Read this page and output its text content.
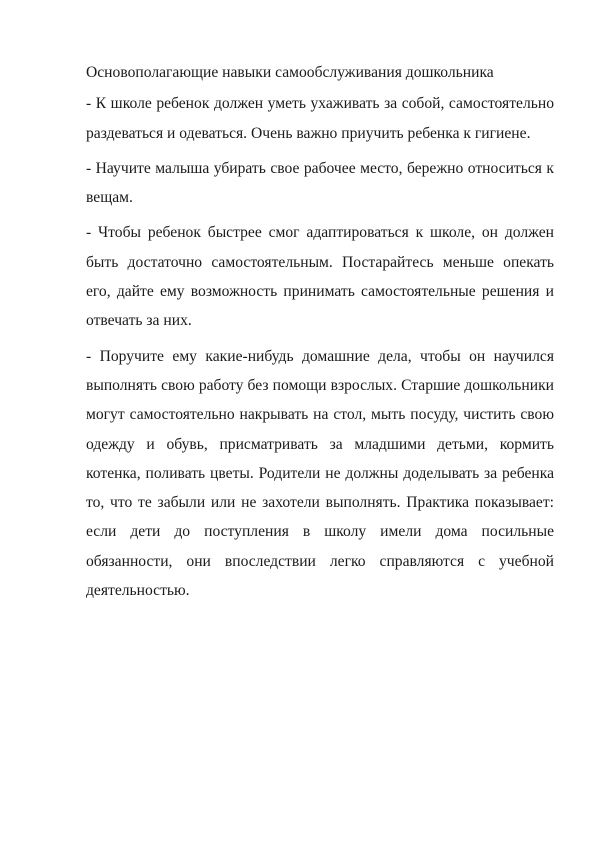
Основополагающие навыки самообслуживания дошкольника

- К школе ребенок должен уметь ухаживать за собой, самостоятельно раздеваться и одеваться. Очень важно приучить ребенка к гигиене.

- Научите малыша убирать свое рабочее место, бережно относиться к вещам.

- Чтобы ребенок быстрее смог адаптироваться к школе, он должен быть достаточно самостоятельным. Постарайтесь меньше опекать его, дайте ему возможность принимать самостоятельные решения и отвечать за них.

- Поручите ему какие-нибудь домашние дела, чтобы он научился выполнять свою работу без помощи взрослых. Старшие дошкольники могут самостоятельно накрывать на стол, мыть посуду, чистить свою одежду и обувь, присматривать за младшими детьми, кормить котенка, поливать цветы. Родители не должны доделывать за ребенка то, что те забыли или не захотели выполнять. Практика показывает: если дети до поступления в школу имели дома посильные обязанности, они впоследствии легко справляются с учебной деятельностью.
